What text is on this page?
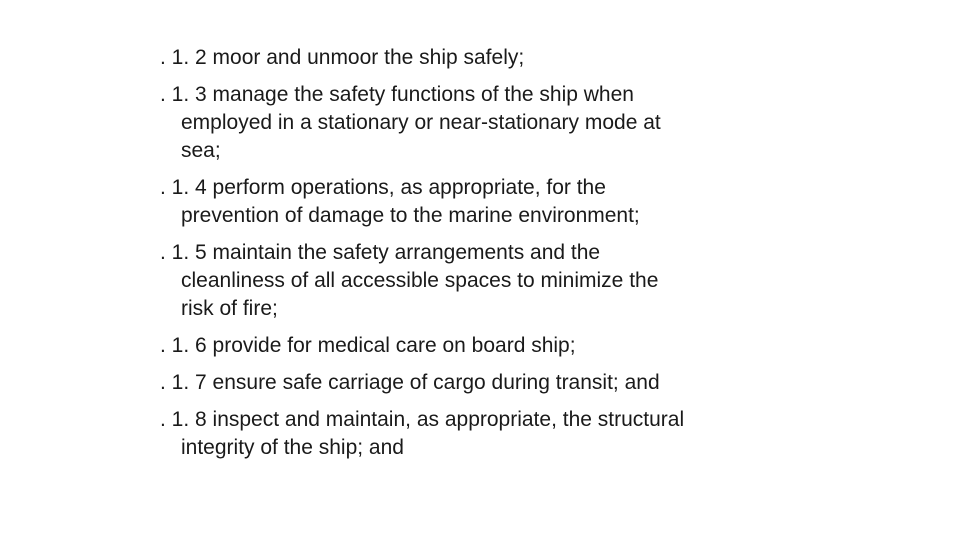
. 1. 2 moor and unmoor the ship safely;

. 1. 3 manage the safety functions of the ship when
employed in a stationary or near-stationary mode at
sea;

. 1. 4 perform operations, as appropriate, for the
prevention of damage to the marine environment;

. 1. 5 maintain the safety arrangements and the
cleanliness of all accessible spaces to minimize the
risk of fire;

. 1. 6 provide for medical care on board ship;

. 1. 7 ensure safe carriage of cargo during transit; and

. 1. 8 inspect and maintain, as appropriate, the structural
integrity of the ship; and
